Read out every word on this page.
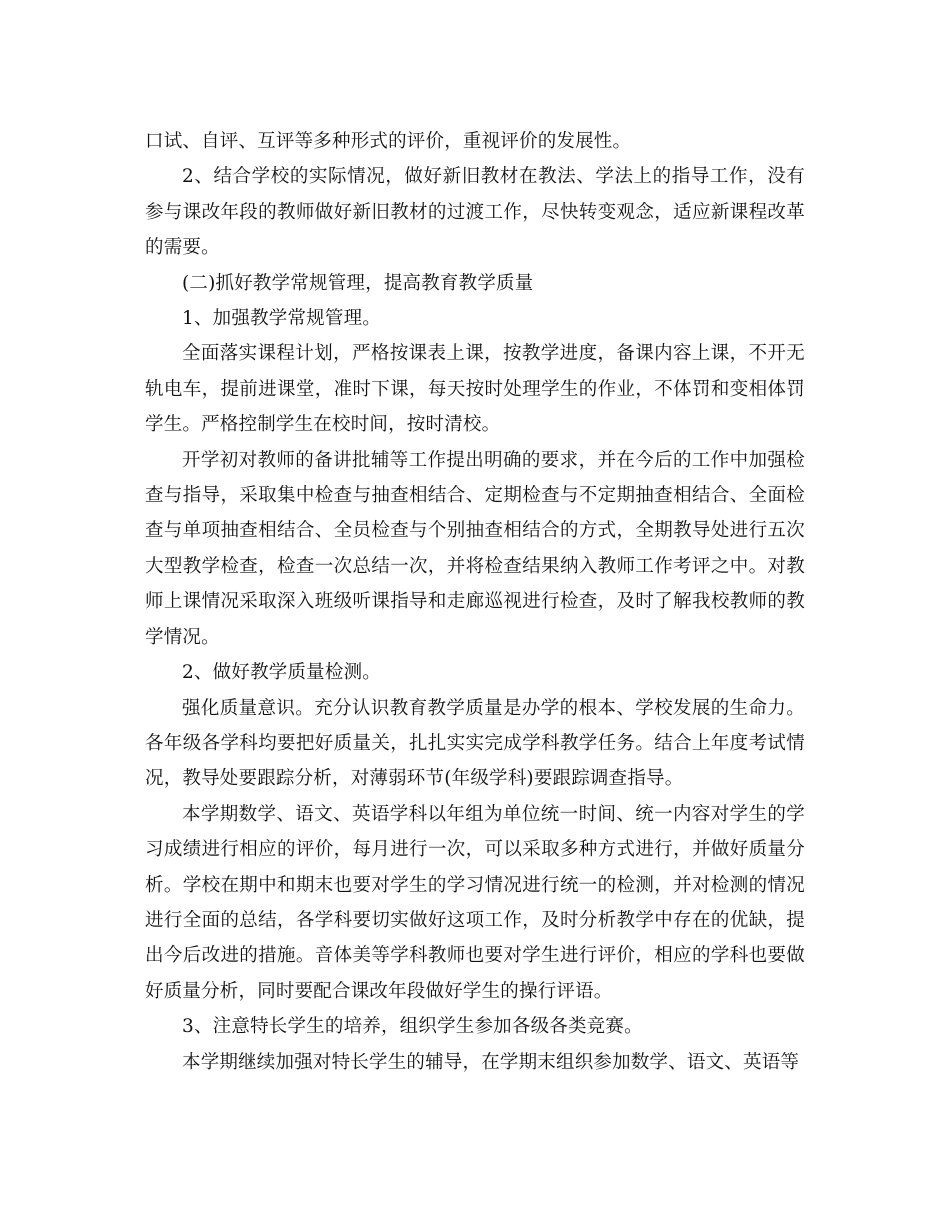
口试、自评、互评等多种形式的评价，重视评价的发展性。

2、结合学校的实际情况，做好新旧教材在教法、学法上的指导工作，没有参与课改年段的教师做好新旧教材的过渡工作，尽快转变观念，适应新课程改革的需要。

(二)抓好教学常规管理，提高教育教学质量

1、加强教学常规管理。

全面落实课程计划，严格按课表上课，按教学进度，备课内容上课，不开无轨电车，提前进课堂，准时下课，每天按时处理学生的作业，不体罚和变相体罚学生。严格控制学生在校时间，按时清校。

开学初对教师的备讲批辅等工作提出明确的要求，并在今后的工作中加强检查与指导，采取集中检查与抽查相结合、定期检查与不定期抽查相结合、全面检查与单项抽查相结合、全员检查与个别抽查相结合的方式，全期教导处进行五次大型教学检查，检查一次总结一次，并将检查结果纳入教师工作考评之中。对教师上课情况采取深入班级听课指导和走廊巡视进行检查，及时了解我校教师的教学情况。

2、做好教学质量检测。

强化质量意识。充分认识教育教学质量是办学的根本、学校发展的生命力。各年级各学科均要把好质量关，扎扎实实完成学科教学任务。结合上年度考试情况，教导处要跟踪分析，对薄弱环节(年级学科)要跟踪调查指导。

本学期数学、语文、英语学科以年组为单位统一时间、统一内容对学生的学习成绩进行相应的评价，每月进行一次，可以采取多种方式进行，并做好质量分析。学校在期中和期末也要对学生的学习情况进行统一的检测，并对检测的情况进行全面的总结，各学科要切实做好这项工作，及时分析教学中存在的优缺，提出今后改进的措施。音体美等学科教师也要对学生进行评价，相应的学科也要做好质量分析，同时要配合课改年段做好学生的操行评语。

3、注意特长学生的培养，组织学生参加各级各类竞赛。

本学期继续加强对特长学生的辅导，在学期末组织参加数学、语文、英语等
